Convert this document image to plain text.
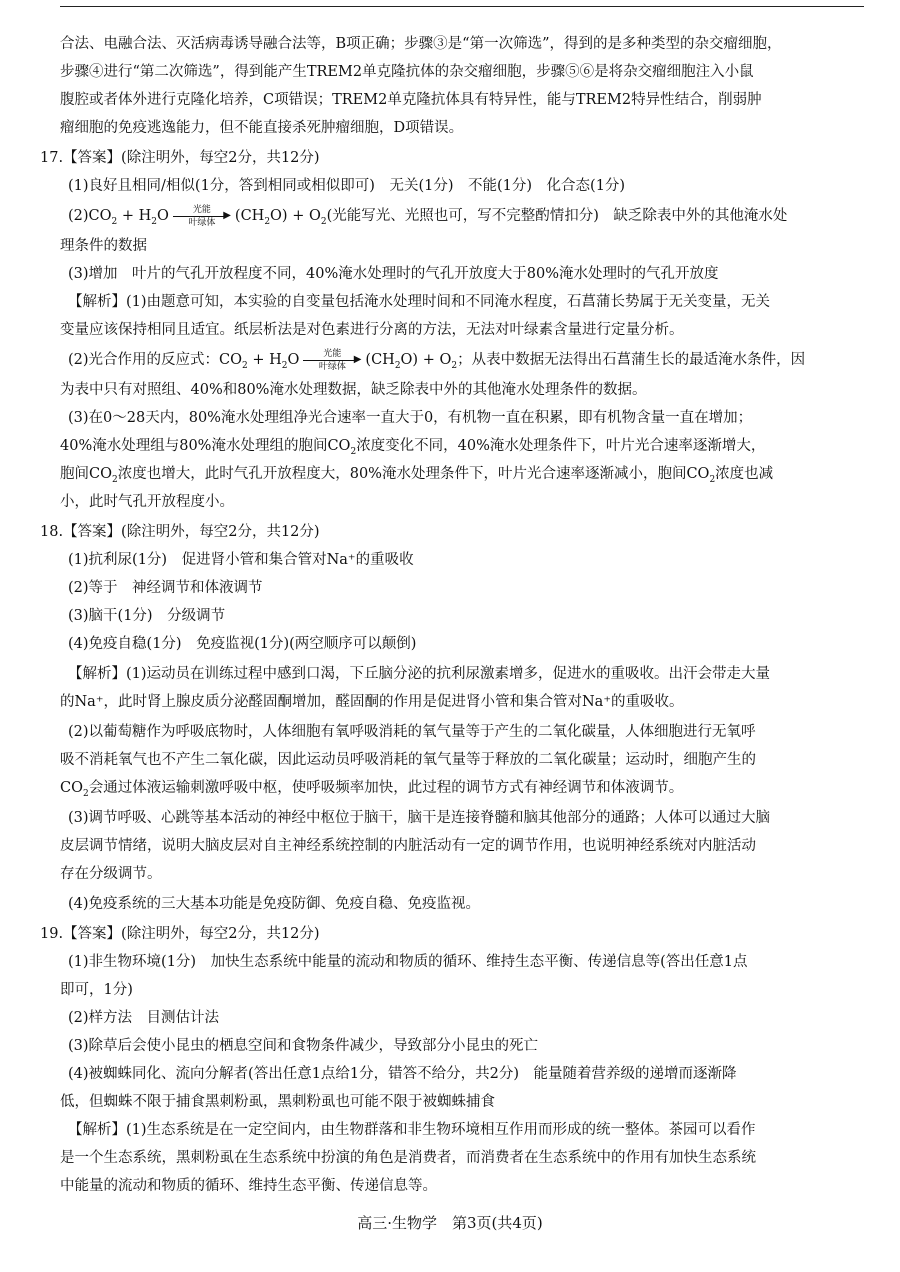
合法、电融合法、灭活病毒诱导融合法等，B项正确；步骤③是“第一次筛选”，得到的是多种类型的杂交瘤细胞，
步骤④进行“第二次筛选”，得到能产生TREM2单克隆抗体的杂交瘤细胞，步骤⑤⑥是将杂交瘤细胞注入小鼠
腹腔或者体外进行克隆化培养，C项错误；TREM2单克隆抗体具有特异性，能与TREM2特异性结合，削弱肿
瘤细胞的免疫逃逸能力，但不能直接杀死肿瘤细胞，D项错误。
17.【答案】(除注明外，每空2分，共12分)
(1)良好且相同/相似(1分，答到相同或相似即可)　无关(1分)　不能(1分)　化合态(1分)
$(2)CO_2 + H_2O$	光能	▶
叶绿体	$(CH_2O) + O_2$(光能写光、光照也可，写不完整酌情扣分)　缺乏除表中外的其他淹水处
理条件的数据
(3)增加　叶片的气孔开放程度不同，40%淹水处理时的气孔开放度大于80%淹水处理时的气孔开放度
【解析】(1)由题意可知，本实验的自变量包括淹水处理时间和不同淹水程度，石菖蒲长势属于无关变量，无关
变量应该保持相同且适宜。纸层析法是对色素进行分离的方法，无法对叶绿素含量进行定量分析。
(2)光合作用的反应式：$CO_2 + H_2O$	光能	▶
叶绿体	$(CH_2O) + O_2$；从表中数据无法得出石菖蒲生长的最适淹水条件，因
为表中只有对照组、40%和80%淹水处理数据，缺乏除表中外的其他淹水处理条件的数据。
(3)在0～28天内，80%淹水处理组净光合速率一直大于0，有机物一直在积累，即有机物含量一直在增加；
40%淹水处理组与80%淹水处理组的胞间$CO_2$浓度变化不同，40%淹水处理条件下，叶片光合速率逐渐增大，
胞间$CO_2$浓度也增大，此时气孔开放程度大，80%淹水处理条件下，叶片光合速率逐渐减小，胞间$CO_2$浓度也减
小，此时气孔开放程度小。
18.【答案】(除注明外，每空2分，共12分)
(1)抗利尿(1分)　促进肾小管和集合管对Na⁺的重吸收
(2)等于　神经调节和体液调节
(3)脑干(1分)　分级调节
(4)免疫自稳(1分)　免疫监视(1分)(两空顺序可以颠倒)
【解析】(1)运动员在训练过程中感到口渴，下丘脑分泌的抗利尿激素增多，促进水的重吸收。出汗会带走大量
的Na⁺，此时肾上腺皮质分泌醛固酮增加，醛固酮的作用是促进肾小管和集合管对Na⁺的重吸收。
(2)以葡萄糖作为呼吸底物时，人体细胞有氧呼吸消耗的氧气量等于产生的二氧化碳量，人体细胞进行无氧呼
吸不消耗氧气也不产生二氧化碳，因此运动员呼吸消耗的氧气量等于释放的二氧化碳量；运动时，细胞产生的
$CO_2$会通过体液运输刺激呼吸中枢，使呼吸频率加快，此过程的调节方式有神经调节和体液调节。
(3)调节呼吸、心跳等基本活动的神经中枢位于脑干，脑干是连接脊髓和脑其他部分的通路；人体可以通过大脑
皮层调节情绪，说明大脑皮层对自主神经系统控制的内脏活动有一定的调节作用，也说明神经系统对内脏活动
存在分级调节。
(4)免疫系统的三大基本功能是免疫防御、免疫自稳、免疫监视。
19.【答案】(除注明外，每空2分，共12分)
(1)非生物环境(1分)　加快生态系统中能量的流动和物质的循环、维持生态平衡、传递信息等(答出任意1点
即可，1分)
(2)样方法　目测估计法
(3)除草后会使小昆虫的栖息空间和食物条件减少，导致部分小昆虫的死亡
(4)被蜘蛛同化、流向分解者(答出任意1点给1分，错答不给分，共2分)　能量随着营养级的递增而逐渐降
低，但蜘蛛不限于捕食黑刺粉虱，黑刺粉虱也可能不限于被蜘蛛捕食
【解析】(1)生态系统是在一定空间内，由生物群落和非生物环境相互作用而形成的统一整体。茶园可以看作
是一个生态系统，黑刺粉虱在生态系统中扮演的角色是消费者，而消费者在生态系统中的作用有加快生态系统
中能量的流动和物质的循环、维持生态平衡、传递信息等。
高三·生物学　第3页(共4页)
